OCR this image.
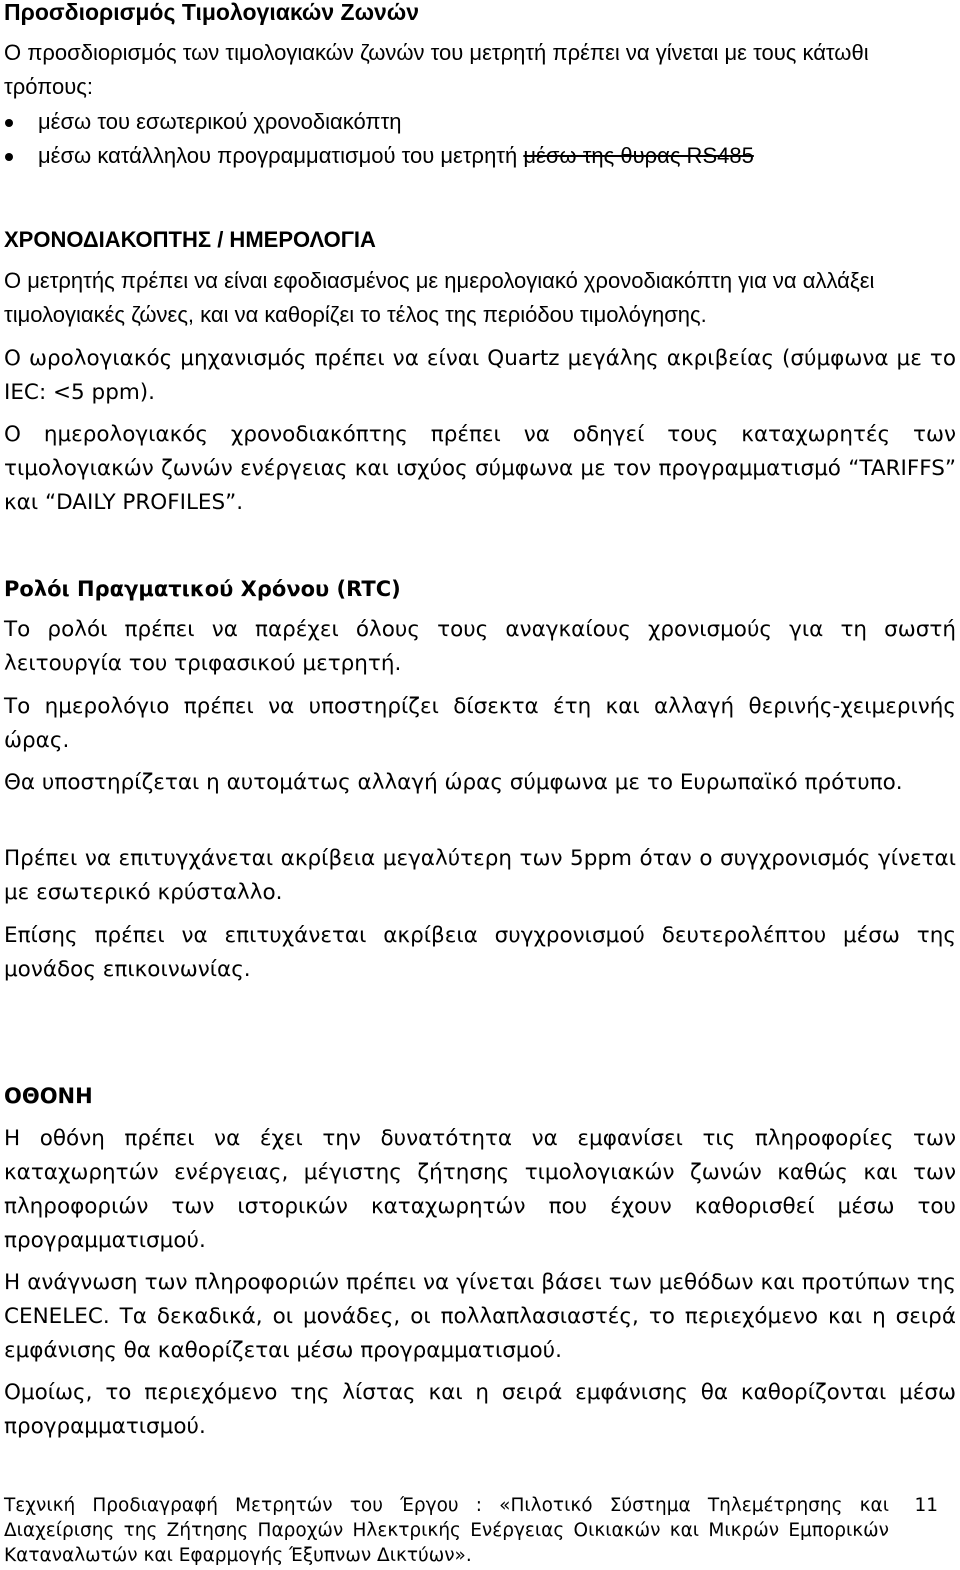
Προσδιορισμός Τιμολογιακών Ζωνών

Ο προσδιορισμός των τιμολογιακών ζωνών του μετρητή πρέπει να γίνεται με τους κάτωθι τρόπους:

μέσω του εσωτερικού χρονοδιακόπτη
μέσω κατάλληλου προγραμματισμού του μετρητή μέσω της θυρας RS485
ΧΡΟΝΟΔΙΑΚΟΠΤΗΣ / ΗΜΕΡΟΛΟΓΙΑ

Ο μετρητής πρέπει να είναι εφοδιασμένος με ημερολογιακό χρονοδιακόπτη για να αλλάξει τιμολογιακές ζώνες, και να καθορίζει το τέλος της περιόδου τιμολόγησης.

Ο ωρολογιακός μηχανισμός πρέπει να είναι Quartz μεγάλης ακριβείας (σύμφωνα με το IEC: <5 ppm).

Ο ημερολογιακός χρονοδιακόπτης πρέπει να οδηγεί τους καταχωρητές των τιμολογιακών ζωνών ενέργειας και ισχύος σύμφωνα με τον προγραμματισμό “TARIFFS” και “DAILY PROFILES”.

Ρολόι Πραγματικού Χρόνου (RTC)

Το ρολόι πρέπει να παρέχει όλους τους αναγκαίους χρονισμούς για τη σωστή λειτουργία του τριφασικού μετρητή.

Το ημερολόγιο πρέπει να υποστηρίζει δίσεκτα έτη και αλλαγή θερινής-χειμερινής ώρας.

Θα υποστηρίζεται η αυτομάτως αλλαγή ώρας σύμφωνα με το Ευρωπαϊκό πρότυπο.

Πρέπει να επιτυγχάνεται ακρίβεια μεγαλύτερη των 5ppm όταν ο συγχρονισμός γίνεται με εσωτερικό κρύσταλλο.

Επίσης πρέπει να επιτυχάνεται ακρίβεια συγχρονισμού δευτερολέπτου μέσω της μονάδος επικοινωνίας.

ΟΘΟΝΗ

Η οθόνη πρέπει να έχει την δυνατότητα να εμφανίσει τις πληροφορίες των καταχωρητών ενέργειας, μέγιστης ζήτησης τιμολογιακών ζωνών καθώς και των πληροφοριών των ιστορικών καταχωρητών που έχουν καθορισθεί μέσω του προγραμματισμού.

Η ανάγνωση των πληροφοριών πρέπει να γίνεται βάσει των μεθόδων και προτύπων της CENELEC. Τα δεκαδικά, οι μονάδες, οι πολλαπλασιαστές, το περιεχόμενο και η σειρά εμφάνισης θα καθορίζεται μέσω προγραμματισμού.

Ομοίως, το περιεχόμενο της λίστας και η σειρά εμφάνισης θα καθορίζονται μέσω προγραμματισμού.

Τεχνική Προδιαγραφή Μετρητών του Έργου : «Πιλοτικό Σύστημα Τηλεμέτρησης και Διαχείρισης της Ζήτησης Παροχών Ηλεκτρικής Ενέργειας Οικιακών και Μικρών Εμπορικών Καταναλωτών και Εφαρμογής Έξυπνων Δικτύων».
11
